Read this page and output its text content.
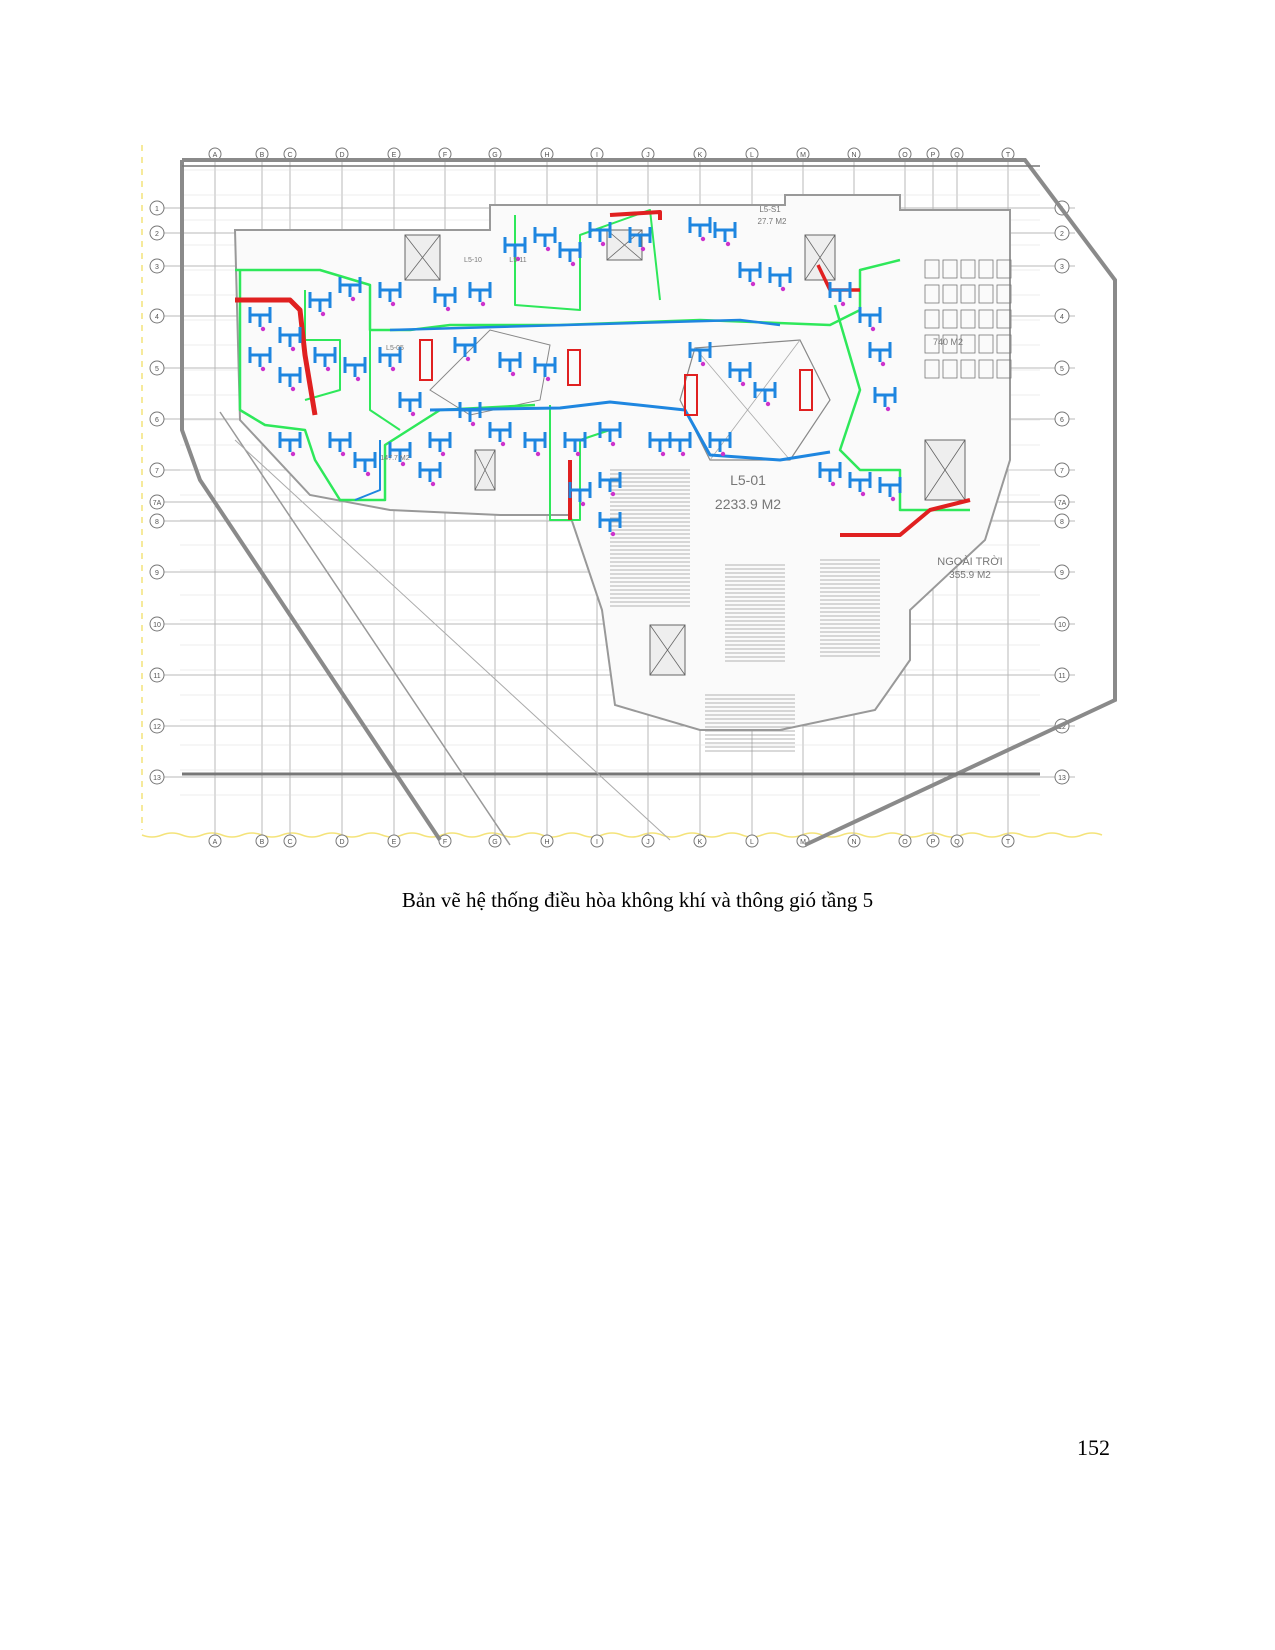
A
A
B
B
C
C
D
D
E
E
F
F
G
G
H
H
I
I
J
J
K
K
L
L
M
M
N
N
O
O
P
P
Q
Q
T
T
1	1
2	2
3	3
4	4
5	5
6	6
7	7
7A	7A
8	8
9	9
10	10
11	11
12	12
13	13
L5-01
2233.9 M2
NGOÀI TRỜI
355.9 M2
L5-S1
27.7 M2
740 M2
L5-10	L5-11
L5-05
147.7 M2
Bản vẽ hệ thống điều hòa không khí và thông gió tầng 5
152
